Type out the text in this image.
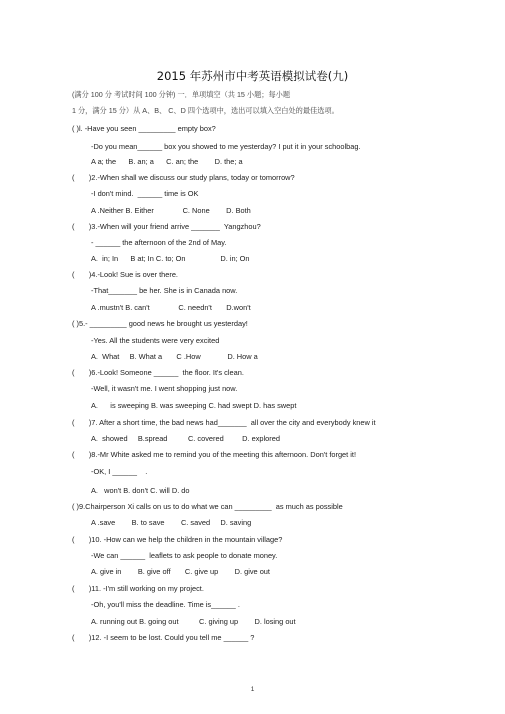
2015 年苏州市中考英语模拟试卷(九)
(满分 100 分 考试时间 100 分钟) 一．单项填空（共 15 小题；每小题
1 分，满分 15 分）从 A、B、 C、D 四个选项中，选出可以填入空白处的最佳选项。
( )l. -Have you seen _________ empty box?
-Do you mean______ box you showed to me yesterday? I put it in your schoolbag.
A a; the      B. an; a      C. an; the        D. the; a
(       )2.-When shall we discuss our study plans, today or tomorrow?
-I don't mind.  ______ time is OK
A .Neither B. Either              C. None        D. Both
(       )3.-When will your friend arrive _______  Yangzhou?
- ______ the afternoon of the 2nd of May.
A.  in; In      B at; In C. to; On                 D. in; On
(       )4.-Look! Sue is over there.
-That_______ be her. She is in Canada now.
A .mustn't B. can't              C. needn't       D.won't
( )5.- _________ good news he brought us yesterday!
-Yes. All the students were very excited
A.  What     B. What a       C .How             D. How a
(       )6.-Look! Someone ______  the floor. It's clean.
-Well, it wasn't me. I went shopping just now.
A.      is sweeping B. was sweeping C. had swept D. has swept
(       )7. After a short time, the bad news had_______  all over the city and everybody knew it
A.  showed     B.spread          C. covered         D. explored
(       )8.-Mr White asked me to remind you of the meeting this afternoon. Don't forget it!
-OK, I ______    .
A.   won't B. don't C. will D. do
( )9.Chairperson Xi calls on us to do what we can _________  as much as possible
A .save        B. to save        C. saved     D. saving
(       )10. -How can we help the children in the mountain village?
-We can ______  leaflets to ask people to donate money.
A. give in        B. give off       C. give up        D. give out
(       )11. -I'm still working on my project.
-Oh, you'll miss the deadline. Time is______ .
A. running out B. going out          C. giving up        D. losing out
(       )12. -I seem to be lost. Could you tell me ______ ?
1
